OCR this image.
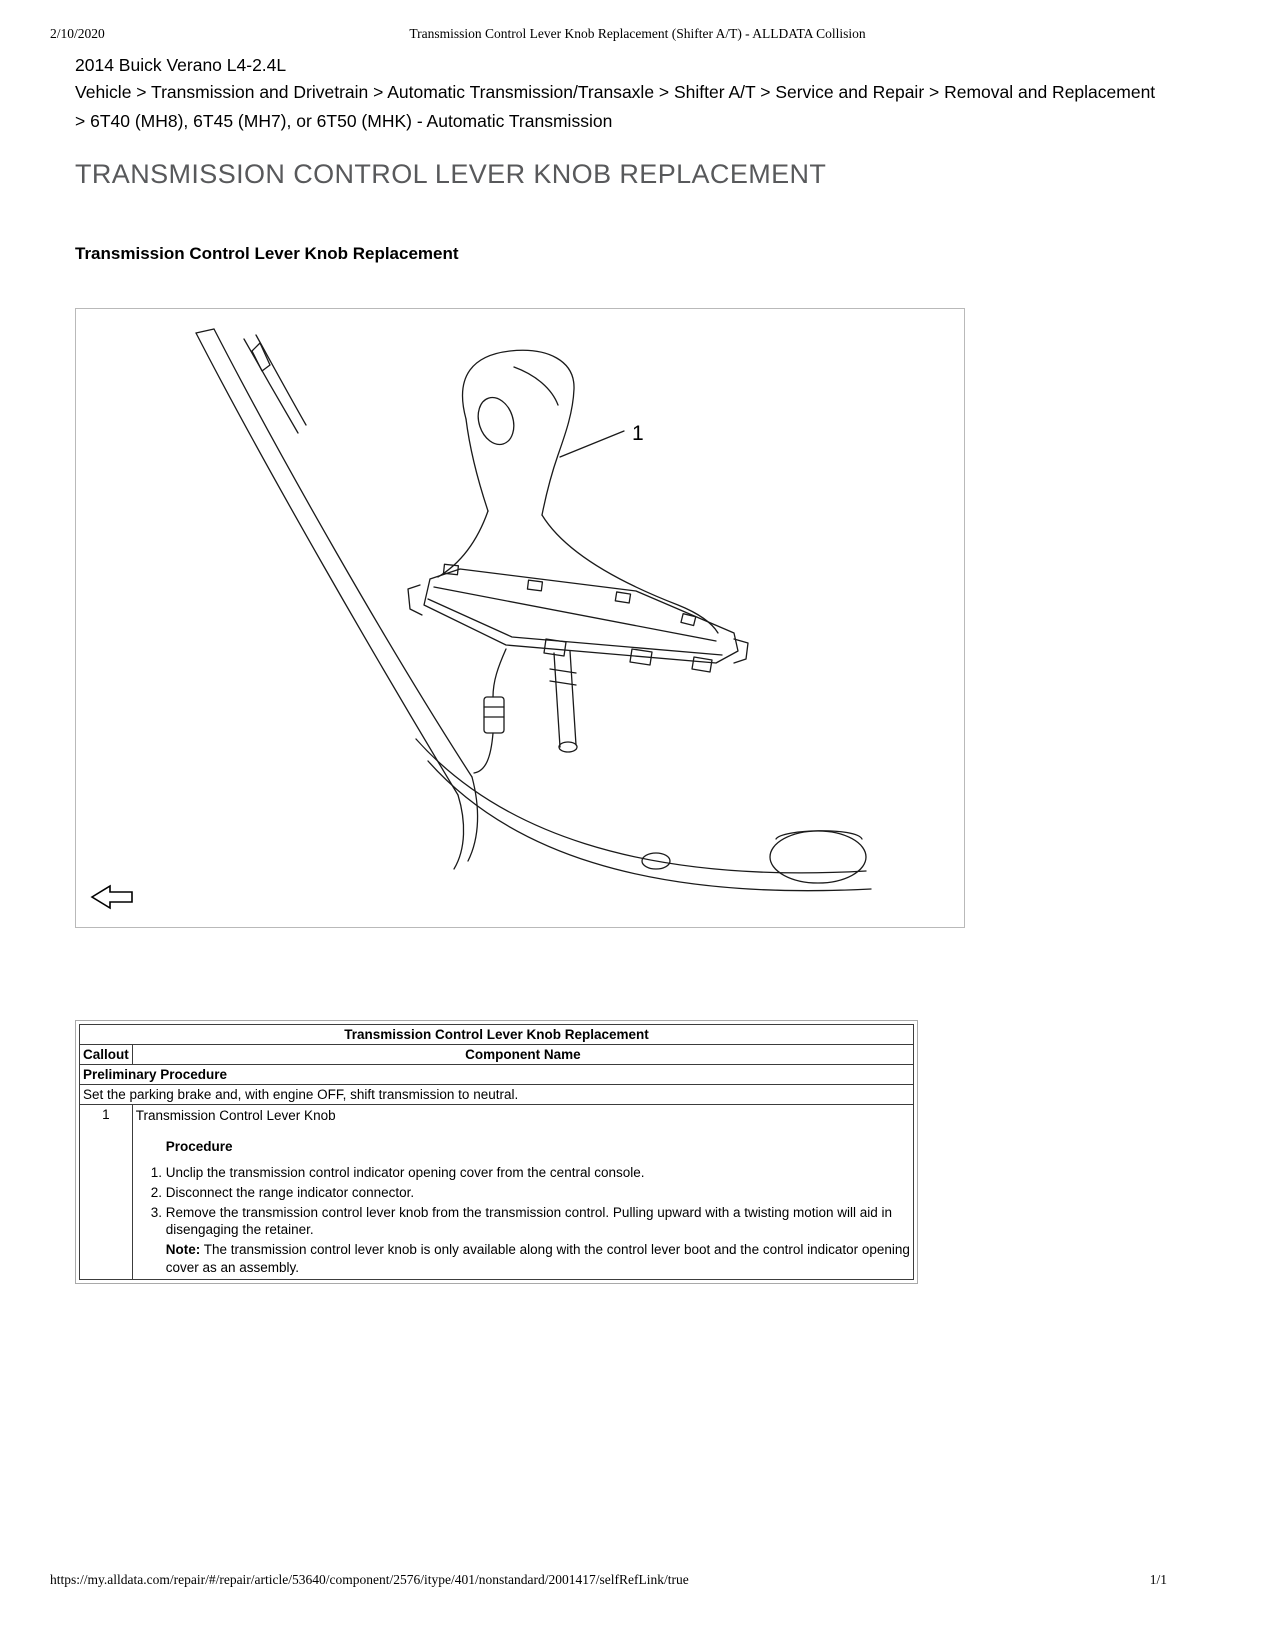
2/10/2020	Transmission Control Lever Knob Replacement (Shifter A/T) - ALLDATA Collision
2014 Buick Verano L4-2.4L
Vehicle > Transmission and Drivetrain > Automatic Transmission/Transaxle > Shifter A/T > Service and Repair > Removal and Replacement > 6T40 (MH8), 6T45 (MH7), or 6T50 (MHK) - Automatic Transmission
TRANSMISSION CONTROL LEVER KNOB REPLACEMENT
Transmission Control Lever Knob Replacement
1
Transmission Control Lever Knob Replacement	
Callout	Component Name
Preliminary Procedure	
Set the parking brake and, with engine OFF, shift transmission to neutral.	
1	Transmission Control Lever Knob
Procedure
1. Unclip the transmission control indicator opening cover from the central console.
2. Disconnect the range indicator connector.
3. Remove the transmission control lever knob from the transmission control. Pulling upward with a twisting motion will aid in disengaging the retainer.
Note: The transmission control lever knob is only available along with the control lever boot and the control indicator opening cover as an assembly.
https://my.alldata.com/repair/#/repair/article/53640/component/2576/itype/401/nonstandard/2001417/selfRefLink/true	1/1
